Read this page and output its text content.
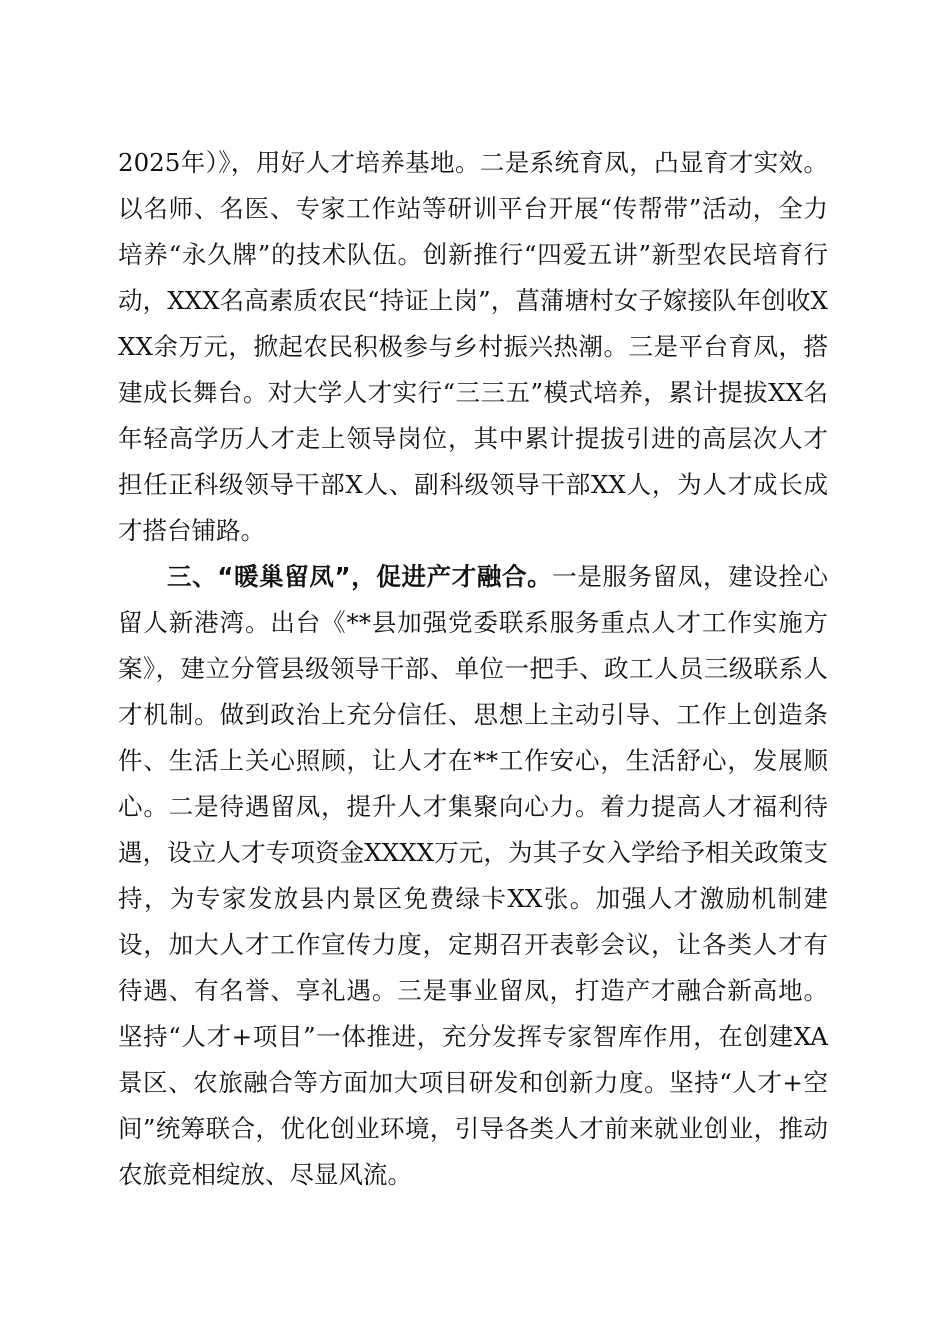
2025年）》，用好人才培养基地。二是系统育凤，凸显育才实效。以名师、名医、专家工作站等研训平台开展“传帮带”活动，全力培养“永久牌”的技术队伍。创新推行“四爱五讲”新型农民培育行动，XXX名高素质农民“持证上岗”，菖蒲塘村女子嫁接队年创收XXX余万元，掀起农民积极参与乡村振兴热潮。三是平台育凤，搭建成长舞台。对大学人才实行“三三五”模式培养，累计提拔XX名年轻高学历人才走上领导岗位，其中累计提拔引进的高层次人才担任正科级领导干部X人、副科级领导干部XX人，为人才成长成才搭台铺路。

三、“暖巢留凤”，促进产才融合。一是服务留凤，建设拴心留人新港湾。出台《**县加强党委联系服务重点人才工作实施方案》，建立分管县级领导干部、单位一把手、政工人员三级联系人才机制。做到政治上充分信任、思想上主动引导、工作上创造条件、生活上关心照顾，让人才在**工作安心，生活舒心，发展顺心。二是待遇留凤，提升人才集聚向心力。着力提高人才福利待遇，设立人才专项资金XXXX万元，为其子女入学给予相关政策支持，为专家发放县内景区免费绿卡XX张。加强人才激励机制建设，加大人才工作宣传力度，定期召开表彰会议，让各类人才有待遇、有名誉、享礼遇。三是事业留凤，打造产才融合新高地。坚持“人才+项目”一体推进，充分发挥专家智库作用，在创建XA景区、农旅融合等方面加大项目研发和创新力度。坚持“人才+空间”统筹联合，优化创业环境，引导各类人才前来就业创业，推动农旅竞相绽放、尽显风流。
